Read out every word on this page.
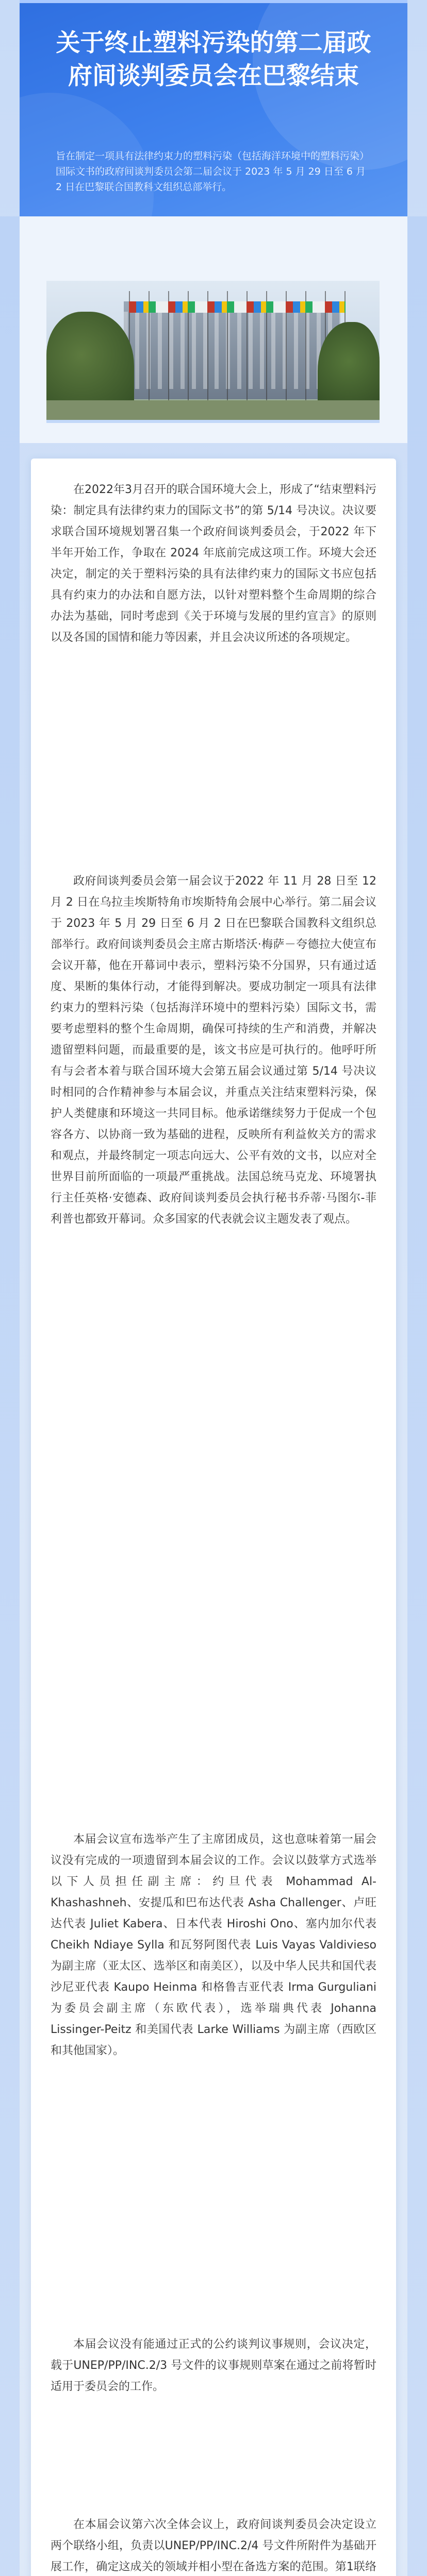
关于终止塑料污染的第二届政府间谈判委员会在巴黎结束

旨在制定一项具有法律约束力的塑料污染（包括海洋环境中的塑料污染）国际文书的政府间谈判委员会第二届会议于 2023 年 5 月 29 日至 6 月 2 日在巴黎联合国教科文组织总部举行。

在2022年3月召开的联合国环境大会上，形成了“结束塑料污染：制定具有法律约束力的国际文书”的第 5/14 号决议。决议要求联合国环境规划署召集一个政府间谈判委员会，于2022 年下半年开始工作，争取在 2024 年底前完成这项工作。环境大会还决定，制定的关于塑料污染的具有法律约束力的国际文书应包括具有约束力的办法和自愿方法，以针对塑料整个生命周期的综合办法为基础，同时考虑到《关于环境与发展的里约宣言》的原则以及各国的国情和能力等因素，并且会决议所述的各项规定。

政府间谈判委员会第一届会议于2022 年 11 月 28 日至 12 月 2 日在乌拉圭埃斯特角市埃斯特角会展中心举行。第二届会议于 2023 年 5 月 29 日至 6 月 2 日在巴黎联合国教科文组织总部举行。政府间谈判委员会主席古斯塔沃·梅萨－夸德拉大使宣布会议开幕，他在开幕词中表示，塑料污染不分国界，只有通过适度、果断的集体行动，才能得到解决。要成功制定一项具有法律约束力的塑料污染（包括海洋环境中的塑料污染）国际文书，需要考虑塑料的整个生命周期，确保可持续的生产和消费，并解决遗留塑料问题，而最重要的是，该文书应是可执行的。他呼吁所有与会者本着与联合国环境大会第五届会议通过第 5/14 号决议时相同的合作精神参与本届会议，并重点关注结束塑料污染，保护人类健康和环境这一共同目标。他承诺继续努力于促成一个包容各方、以协商一致为基础的进程，反映所有利益攸关方的需求和观点，并最终制定一项志向远大、公平有效的文书，以应对全世界目前所面临的一项最严重挑战。法国总统马克龙、环境署执行主任英格·安德森、政府间谈判委员会执行秘书乔蒂·马图尔-菲利普也都致开幕词。众多国家的代表就会议主题发表了观点。

本届会议宣布选举产生了主席团成员，这也意味着第一届会议没有完成的一项遗留到本届会议的工作。会议以鼓掌方式选举以下人员担任副主席：约旦代表 Mohammad Al-Khashashneh、安提瓜和巴布达代表 Asha Challenger、卢旺达代表 Juliet Kabera、日本代表 Hiroshi Ono、塞内加尔代表 Cheikh Ndiaye Sylla 和瓦努阿图代表 Luis Vayas Valdivieso 为副主席（亚太区、选举区和南美区），以及中华人民共和国代表沙尼亚代表 Kaupo Heinma 和格鲁吉亚代表 Irma Gurguliani 为委员会副主席（东欧代表），选举瑞典代表 Johanna Lissinger-Peitz 和美国代表 Larke Williams 为副主席（西欧区和其他国家）。

本届会议没有能通过正式的公约谈判议事规则，会议决定，载于UNEP/PP/INC.2/3 号文件的议事规则草案在通过之前将暂时适用于委员会的工作。

在本届会议第六次全体会议上，政府间谈判委员会决定设立两个联络小组，负责以UNEP/PP/INC.2/4 号文件所附件为基础开展工作，确定这成关的领域并相小型在备选方案的范围。第1联络
